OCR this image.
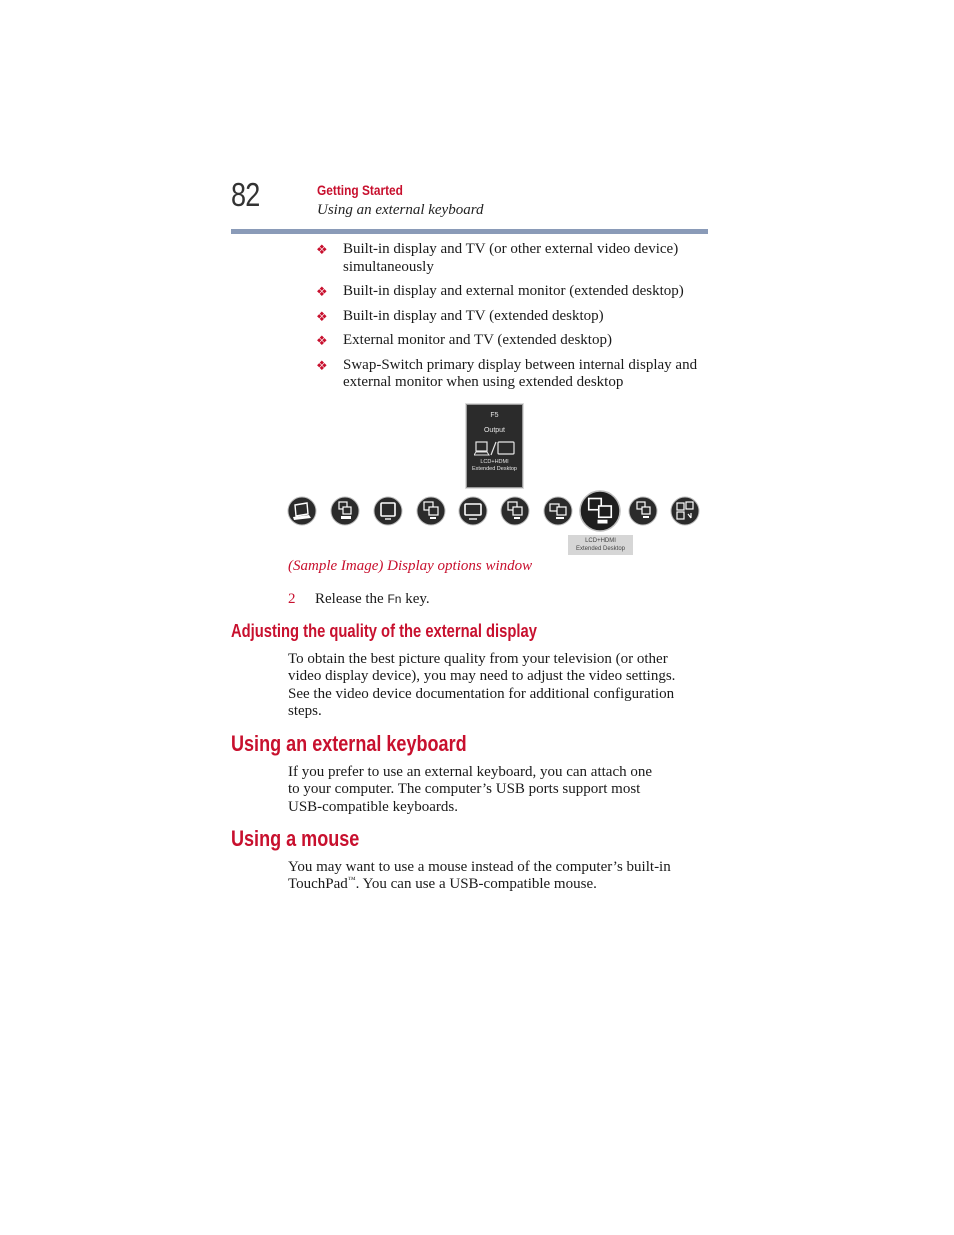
82	Getting Started
Using an external keyboard
❖ Built-in display and TV (or other external video device) simultaneously
❖ Built-in display and external monitor (extended desktop)
❖ Built-in display and TV (extended desktop)
❖ External monitor and TV (extended desktop)
❖ Swap-Switch primary display between internal display and external monitor when using extended desktop
F5
Output
LCD+HDMI
Extended Desktop
LCD+HDMI
Extended Desktop
(Sample Image) Display options window
2 Release the Fn key.
Adjusting the quality of the external display

To obtain the best picture quality from your television (or other video display device), you may need to adjust the video settings. See the video device documentation for additional configuration steps.

Using an external keyboard
If you prefer to use an external keyboard, you can attach one
to your computer. The computer’s USB ports support most
USB-compatible keyboards.
Using a mouse
You may want to use a mouse instead of the computer’s built-in
TouchPad™. You can use a USB-compatible mouse.
